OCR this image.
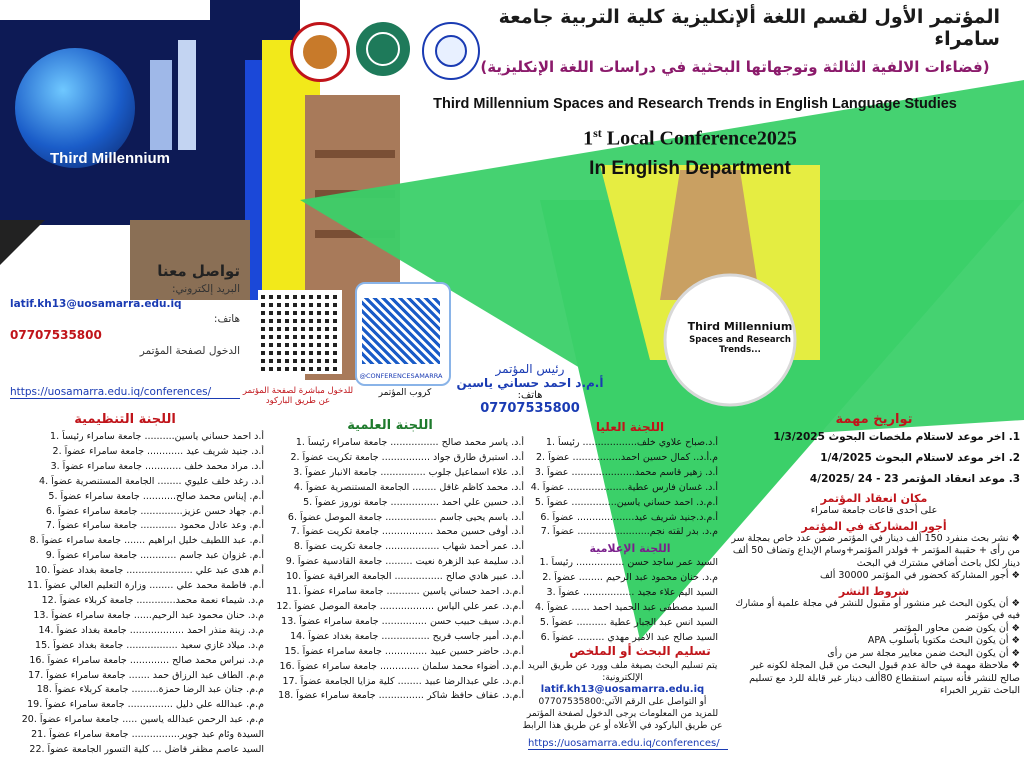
Third Millennium
المؤتمر الأول لقسم اللغة ألإنكليزية كلية التربية جامعة سامراء
(فضاءات الالفية الثالثة وتوجهاتها البحثية في دراسات اللغة الإنكليزية)
Third Millennium Spaces and Research Trends in English Language Studies
1st Local Conference2025
In English Department
تواصل معنا
البريد إلكتروني:
latif.kh13@uosamarra.edu.iq
هاتف:
07707535800
الدخول لصفحة المؤتمر
https://uosamarra.edu.iq/conferences/	للدخول مباشرة لصفحة المؤتمر عن طريق الباركود
@CONFERENCESAMARRA
كروب المؤتمر
Third Millennium
Spaces and Research
Trends...
رئيس المؤتمر
أ.م.د احمد حساني ياسين
هاتف:
07707535800
اللجنة التنظيمية
أ.د احمد حساني ياسين.......... جامعة سامراء رئيساً .1
أ.د. جنيد شريف عيد ............ جامعة سامراء عضواً .2
أ.د. مراد محمد خلف ............ جامعة سامراء عضواً .3
أ.د. رغد خلف عليوي ........ الجامعة المستنصرية عضواً .4
أ.م. إيناس محمد صالح........... جامعة سامراء عضواً .5
أ.م. جهاد حسن عزيز.............. جامعة سامراء عضواً .6
أ.م. وعد عادل محمود ............ جامعة سامراء عضواً .7
أ.م. عبد اللطيف خليل ابراهيم ....... جامعة سامراء عضواً .8
أ.م. غزوان عبد جاسم ............ جامعة سامراء عضواً .9
أ.م هدى عبد علي ...................... جامعة بغداد عضواً .10
أ.م. فاطمة محمد علي ........ وزارة التعليم العالي عضواً .11
م.د. شيماء نعمة محمد............. جامعة كربلاء عضواً .12
م.د. حنان محمود عبد الرحيم...... جامعة سامراء عضواً .13
م.د. زينة منذر احمد .................. جامعة بغداد عضواً .14
م.د. ميلاد غازي سعيد ................. جامعة بغداد عضواً .15
م.د. نبراس محمد صالح ............. جامعة سامراء عضواً .16
م.م. الطاف عبد الرزاق حمد ....... جامعة سامراء عضواً .17
م.م. جنان عبد الرضا حمزة......... جامعة كربلاء عضواً .18
م.م. عبدالله علي دليل ............... جامعة سامراء عضواً .19
م.م. عبد الرحمن عبدالله ياسين ..... جامعة سامراء عضواً .20
السيدة وئام عبد جوير................ جامعة سامراء عضواً .21
السيد عاصم مظفر فاضل ... كلية التسور الجامعة عضواً .22
اللجنة العلمية
أ.د. ياسر محمد صالح ................ جامعة سامراء رئيساً .1
أ.د. استبرق طارق جواد ................ جامعة تكريت عضواً .2
أ.د. علاء اسماعيل جلوب ............... جامعة الانبار عضواً .3
أ.د. محمد كاظم غافل ........ الجامعة المستنصرية عضواً .4
أ.د. حسين علي احمد ................ جامعة نوروز عضواً .5
أ.د. باسم يحيى جاسم ................. جامعة الموصل عضواً .6
أ.د. أوفى حسين محمد ................. جامعة تكريت عضواً .7
أ.د. عمر أحمد شهاب .................. جامعة تكريت عضواً .8
أ.د. سليمة عبد الزهرة نعيت ......... جامعة القادسية عضواً .9
أ.د. عبير هادي صالح ................ الجامعة العراقية عضواً .10
أ.م.د. احمد حساني ياسين ........... جامعة سامراء عضواً .11
أ.م.د. عمر علي الياس .................. جامعة الموصل عضواً .12
أ.م.د. سيف حبيب حسن ............... جامعة سامراء عضواً .13
أ.م.د. أمير جاسب فريح ................ جامعة بغداد عضواً .14
أ.م.د. حاضر حسين عبيد .............. جامعة سامراء عضواً .15
أ.م.د. أضواء محمد سلمان ............. جامعة سامراء عضواً .16
أ.م.د. علي عبدالرضا عبيد ........ كلية مزايا الجامعة عضواً .17
أ.م.د. عفاف حافظ شاكر ............... جامعة سامراء عضواً .18
اللجنة العليا
أ.د.صباح علاوي خلف.................. رئيساً .1
م.أ.د.. كمال حسين احمد................ عضواً .2
أ.د. زهير قاسم محمد..................... عضواً .3
أ.د. غسان فارس عطية.................... عضواً .4
أ.م.د. احمد حساني ياسين............... عضواً .5
أ.م.د.جنيد شريف عيد................... عضواً .6
م.د. بدر لقته نجم........................ عضواً .7
اللجنة الإعلامية
السيد عمر ساجد حسن ................ رئيساً .1
م.د. حنان محمود عبد الرحيم ........ عضواً .2
السيد اليم علاء مجيد ................. عضواً .3
السيد مصطفى عبد الحميد احمد ...... عضواً .4
السيد انس عبد الجبار عطية .......... عضواً .5
السيد صالح عبد الامير مهدي ......... عضواً .6
تسليم البحث أو الملخص
يتم تسليم البحث بصيغة ملف وورد عن طريق البريد الإلكترونية:
latif.kh13@uosamarra.edu.iq
أو التواصل على الرقم الآتي:07707535800
للمزيد من المعلومات يرجى الدخول لصفحة المؤتمر عن طريق الباركود في الأعلاه أو عن طريق هذا الرابط
https://uosamarra.edu.iq/conferences/
تواريخ مهمة
1. اخر موعد لاستلام ملخصات البحوث 1/3/2025
2. اخر موعد لاستلام البحوث 1/4/2025
3. موعد انعقاد المؤتمر 23 - 24 /4/2025
مكان انعقاد المؤتمر
على أحدى قاعات جامعة سامراء
أجور المشاركة في المؤتمر
❖ نشر بحث منفرد 150 ألف دينار في المؤتمر ضمن عدد خاص بمجلة سر من رأى + حقيبة المؤتمر + فولدر المؤتمر+وسام الإبداع وتضاف 50 ألف دينار لكل باحث أضافي مشترك في البحث
❖ أجور المشاركة كحضور في المؤتمر 30000 ألف
شروط النشر
❖ أن يكون البحث غير منشور أو مقبول للنشر في مجلة علمية أو مشارك فيه في مؤتمر
❖ أن يكون ضمن محاور المؤتمر
❖ أن يكون البحث مكتوبا بأسلوب APA
❖ أن يكون البحث ضمن معايير مجلة سر من رأى
❖ ملاحظة مهمة في حالة عدم قبول البحث من قبل المجلة لكونه غير صالح للنشر فأنه سيتم استقطاع 80ألف دينار غير قابلة للرد مع تسليم الباحث تقرير الخبراء
